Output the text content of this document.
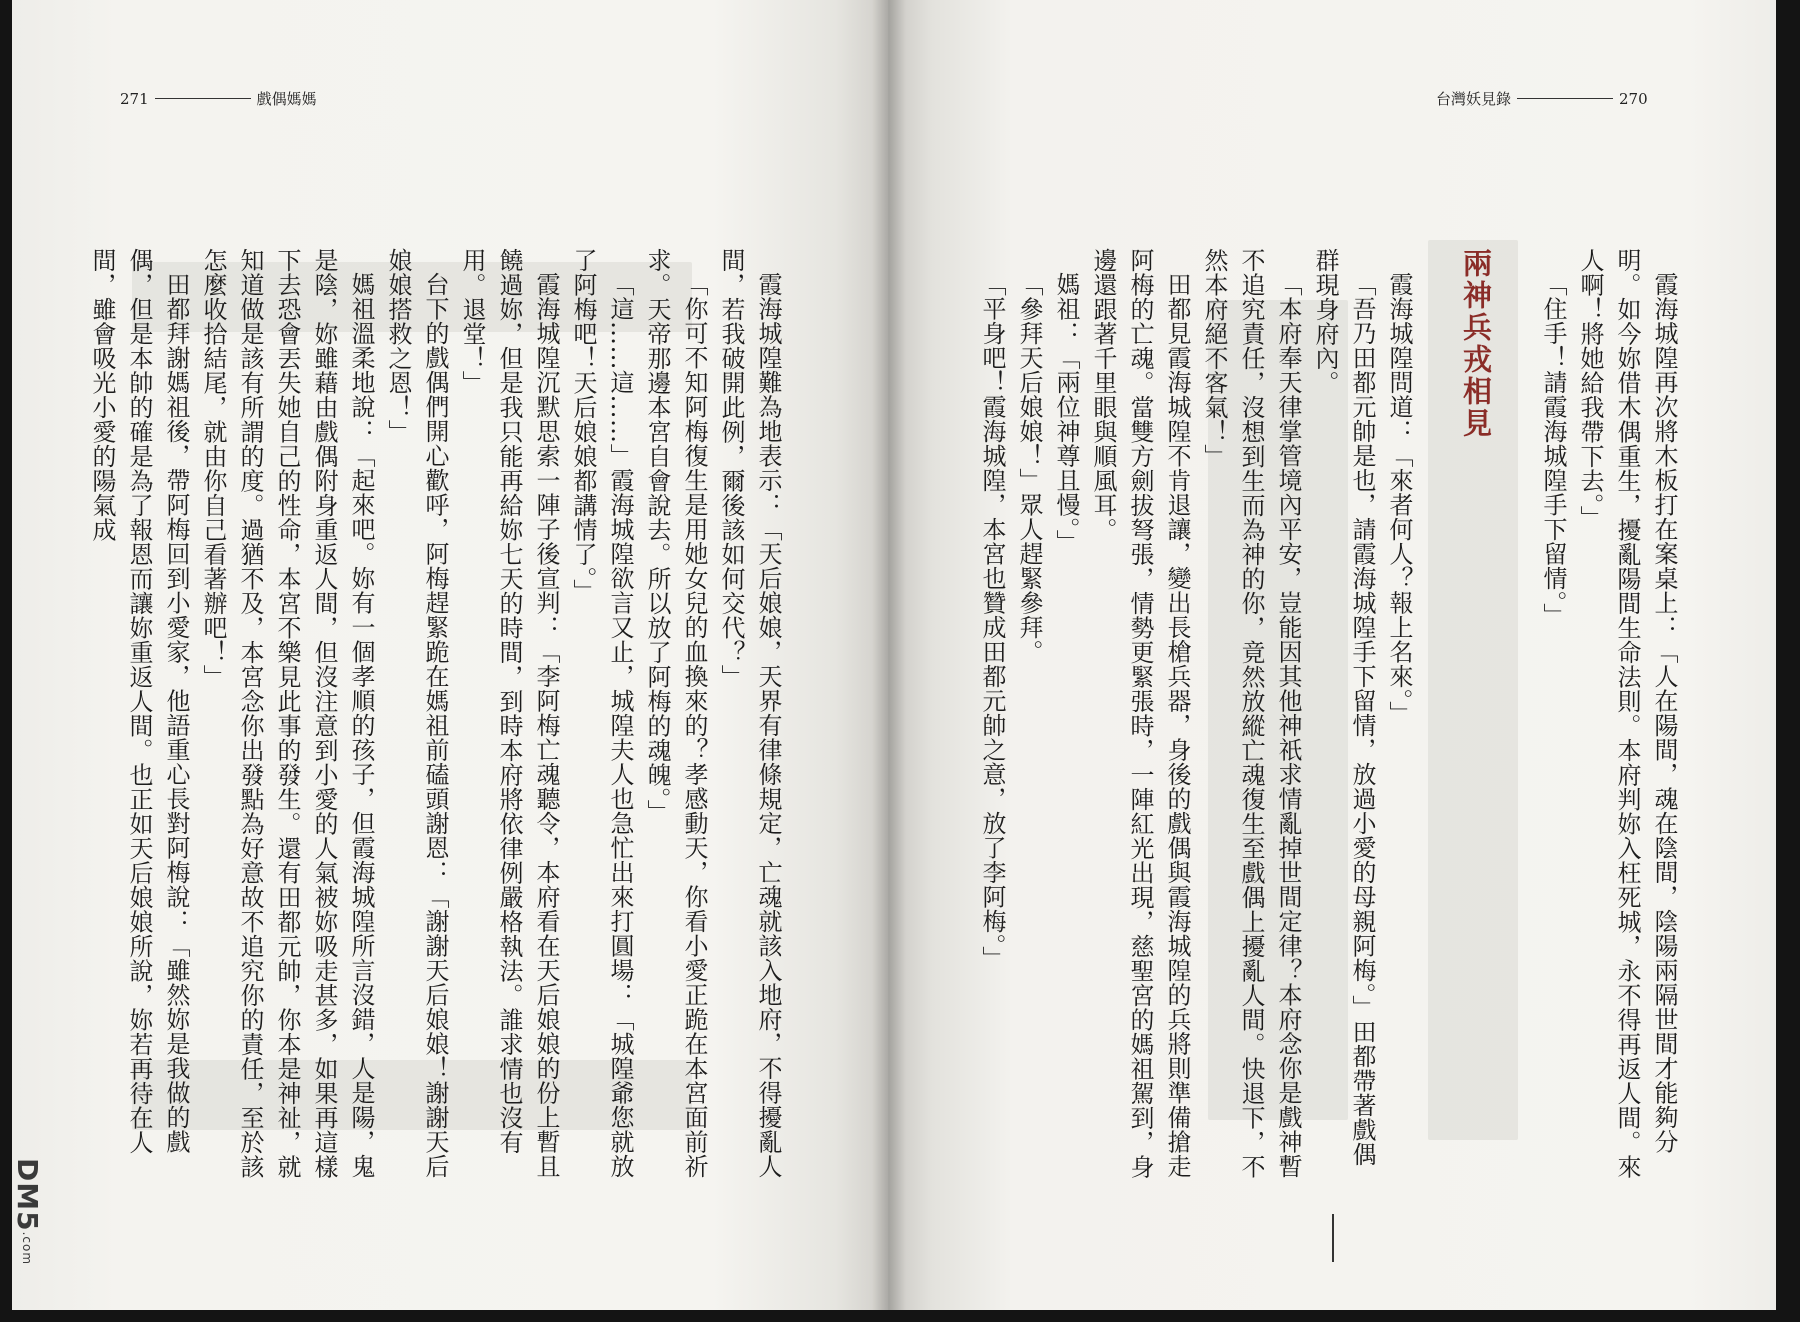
271	戲偶媽媽	台灣妖見錄	270

霞海城隍再次將木板打在案桌上：「人在陽間，魂在陰間，陰陽兩隔世間才能夠分明。如今妳借木偶重生，擾亂陽間生命法則。本府判妳入枉死城，永不得再返人間。來人啊！將她給我帶下去。」

「住手！請霞海城隍手下留情。」

兩神兵戎相見

霞海城隍問道：「來者何人？報上名來。」

「吾乃田都元帥是也，請霞海城隍手下留情，放過小愛的母親阿梅。」田都帶著戲偶群現身府內。

「本府奉天律掌管境內平安，豈能因其他神祇求情亂掉世間定律？本府念你是戲神暫不追究責任，沒想到生而為神的你，竟然放縱亡魂復生至戲偶上擾亂人間。快退下，不然本府絕不客氣！」

田都見霞海城隍不肯退讓，變出長槍兵器，身後的戲偶與霞海城隍的兵將則準備搶走阿梅的亡魂。當雙方劍拔弩張，情勢更緊張時，一陣紅光出現，慈聖宮的媽祖駕到，身邊還跟著千里眼與順風耳。

媽祖：「兩位神尊且慢。」

「參拜天后娘娘！」眾人趕緊參拜。

「平身吧！霞海城隍，本宮也贊成田都元帥之意，放了李阿梅。」

霞海城隍難為地表示：「天后娘娘，天界有律條規定，亡魂就該入地府，不得擾亂人間，若我破開此例，爾後該如何交代？」

「你可不知阿梅復生是用她女兒的血換來的？孝感動天，你看小愛正跪在本宮面前祈求。天帝那邊本宮自會說去。所以放了阿梅的魂魄。」

「這……這……」霞海城隍欲言又止，城隍夫人也急忙出來打圓場：「城隍爺您就放了阿梅吧！天后娘娘都講情了。」

霞海城隍沉默思索一陣子後宣判：「李阿梅亡魂聽令，本府看在天后娘娘的份上暫且饒過妳，但是我只能再給妳七天的時間，到時本府將依律例嚴格執法。誰求情也沒有用。退堂！」

台下的戲偶們開心歡呼，阿梅趕緊跪在媽祖前磕頭謝恩：「謝謝天后娘娘！謝謝天后娘娘搭救之恩！」

媽祖溫柔地說：「起來吧。妳有一個孝順的孩子，但霞海城隍所言沒錯，人是陽，鬼是陰，妳雖藉由戲偶附身重返人間，但沒注意到小愛的人氣被妳吸走甚多，如果再這樣下去恐會丟失她自己的性命，本宮不樂見此事的發生。還有田都元帥，你本是神祉，就知道做是該有所謂的度。過猶不及，本宮念你出發點為好意故不追究你的責任，至於該怎麼收拾結尾，就由你自己看著辦吧！」

田都拜謝媽祖後，帶阿梅回到小愛家，他語重心長對阿梅說：「雖然妳是我做的戲偶，但是本帥的確是為了報恩而讓妳重返人間。也正如天后娘娘所說，妳若再待在人間，雖會吸光小愛的陽氣成

DM5.com
